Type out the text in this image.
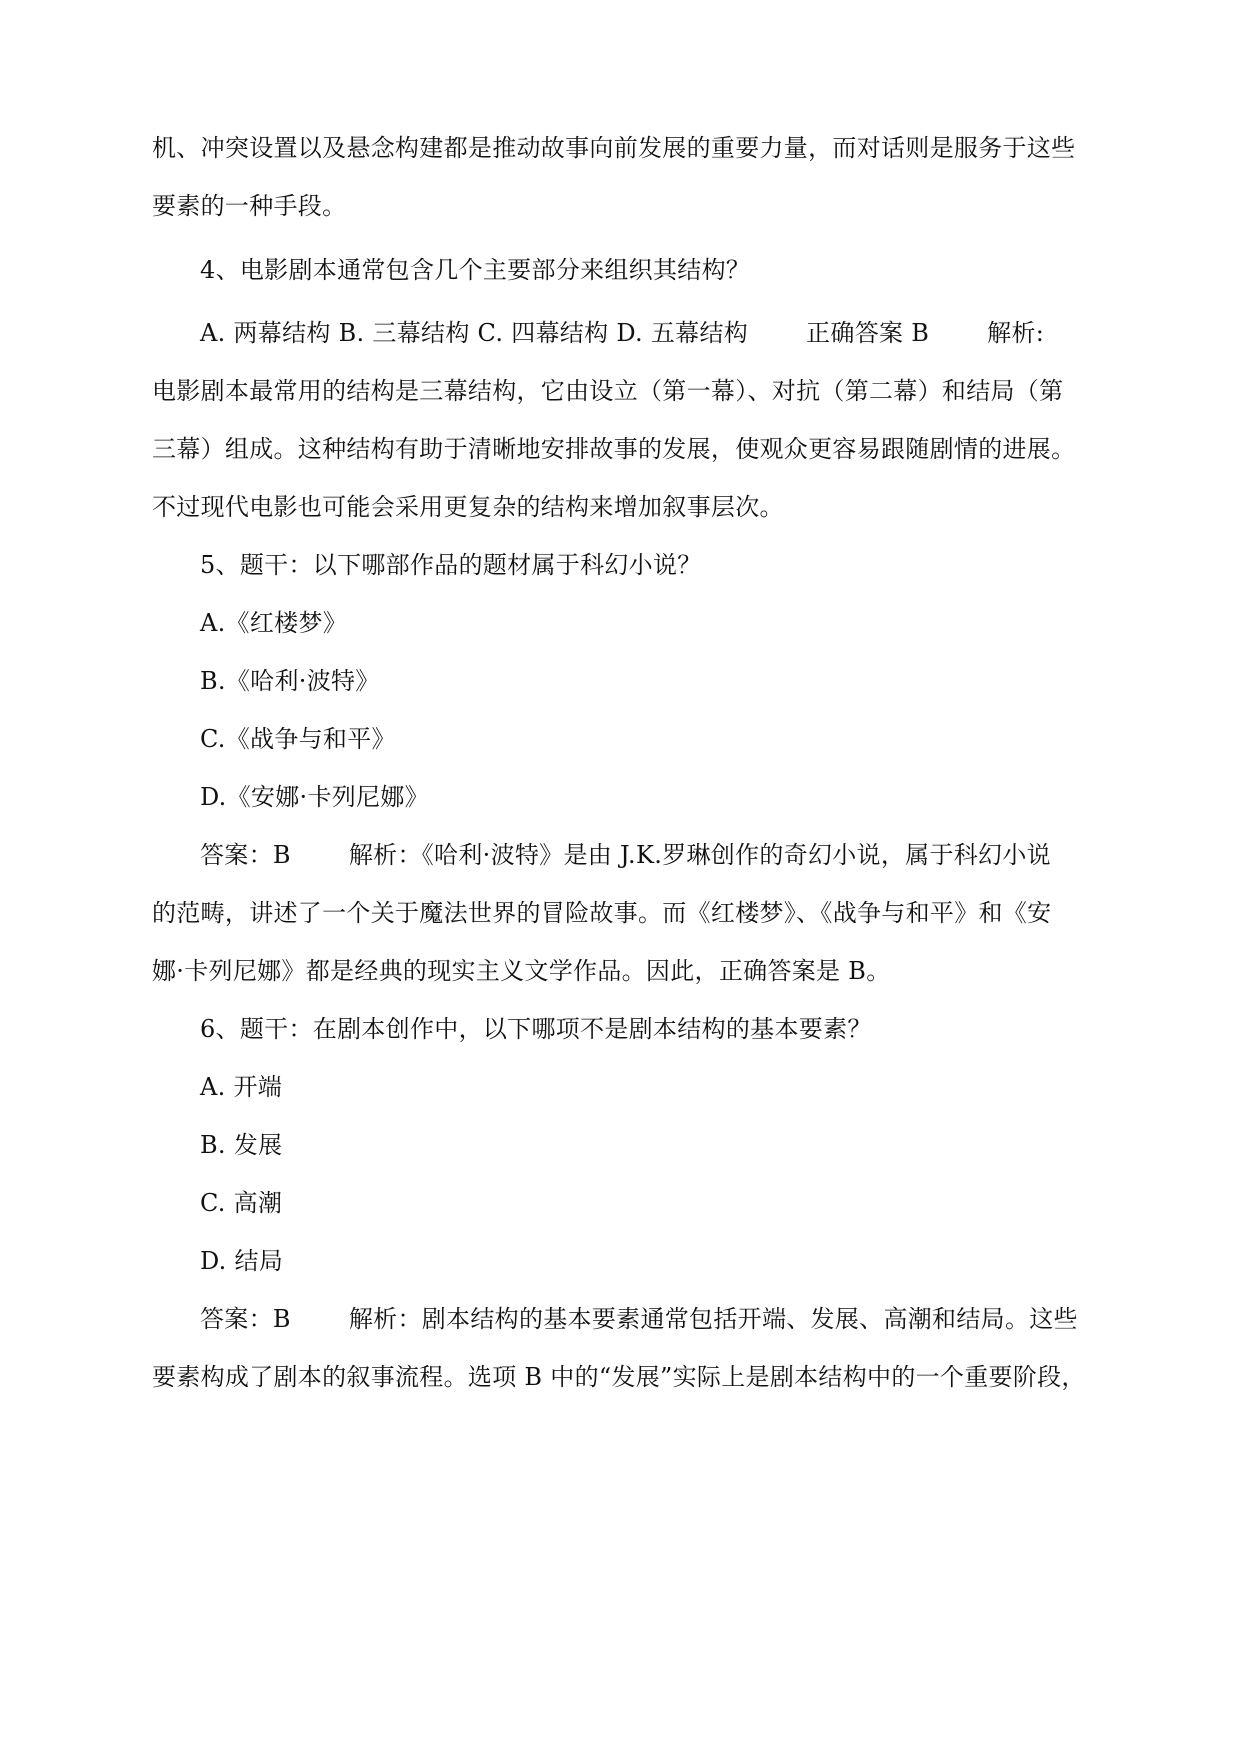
机、冲突设置以及悬念构建都是推动故事向前发展的重要力量，而对话则是服务于这些
要素的一种手段。
4、电影剧本通常包含几个主要部分来组织其结构？
A. 两幕结构 B. 三幕结构 C. 四幕结构 D. 五幕结构 正确答案 B 解析:
电影剧本最常用的结构是三幕结构，它由设立（第一幕）、对抗（第二幕）和结局（第
三幕）组成。这种结构有助于清晰地安排故事的发展，使观众更容易跟随剧情的进展。
不过现代电影也可能会采用更复杂的结构来增加叙事层次。
5、题干：以下哪部作品的题材属于科幻小说？
A.《红楼梦》
B.《哈利·波特》
C.《战争与和平》
D.《安娜·卡列尼娜》
答案：B 解析：《哈利·波特》是由 J.K.罗琳创作的奇幻小说，属于科幻小说
的范畴，讲述了一个关于魔法世界的冒险故事。而《红楼梦》、《战争与和平》和《安
娜·卡列尼娜》都是经典的现实主义文学作品。因此，正确答案是 B。
6、题干：在剧本创作中，以下哪项不是剧本结构的基本要素？
A. 开端
B. 发展
C. 高潮
D. 结局
答案：B 解析：剧本结构的基本要素通常包括开端、发展、高潮和结局。这些
要素构成了剧本的叙事流程。选项 B 中的“发展”实际上是剧本结构中的一个重要阶段，
